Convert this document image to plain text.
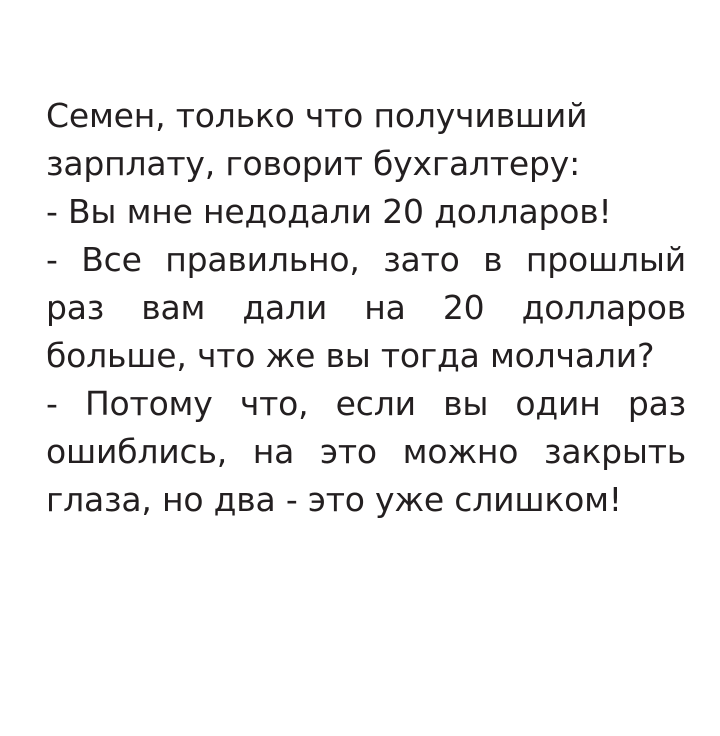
Семен, только что получивший зарплату, говорит бухгалтеру:

- Вы мне недодали 20 долларов!

- Все правильно, зато в прошлый раз вам дали на 20 долларов больше, что же вы тогда молчали?

- Потому что, если вы один раз ошиблись, на это можно закрыть глаза, но два - это уже слишком!
